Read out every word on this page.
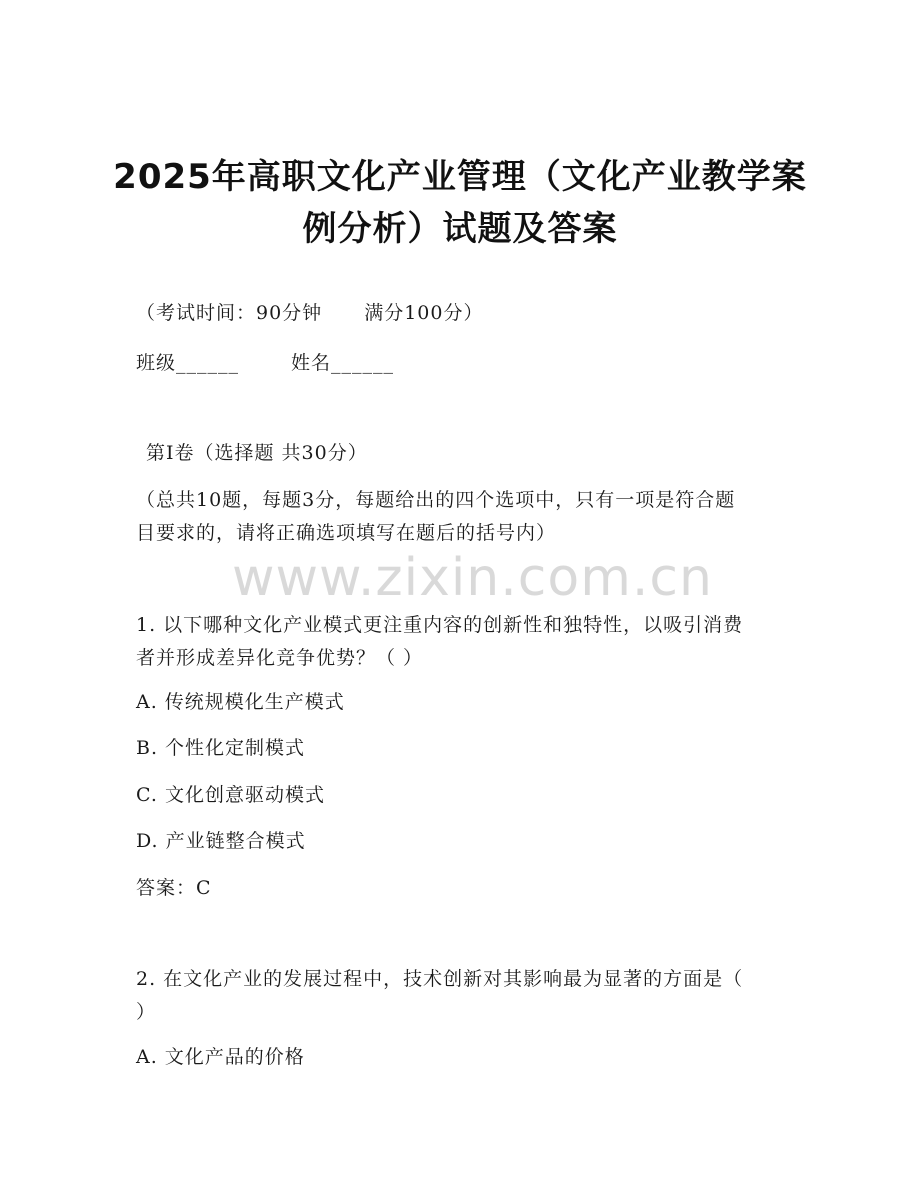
2025年高职文化产业管理（文化产业教学案
例分析）试题及答案
（考试时间：90分钟 满分100分）
班级______	姓名______
第Ⅰ卷（选择题 共30分）
（总共10题，每题3分，每题给出的四个选项中，只有一项是符合题
目要求的，请将正确选项填写在题后的括号内）
www.zixin.com.cn
1. 以下哪种文化产业模式更注重内容的创新性和独特性，以吸引消费
者并形成差异化竞争优势？（ ）
A. 传统规模化生产模式
B. 个性化定制模式
C. 文化创意驱动模式
D. 产业链整合模式
答案：C
2. 在文化产业的发展过程中，技术创新对其影响最为显著的方面是（
）
A. 文化产品的价格
